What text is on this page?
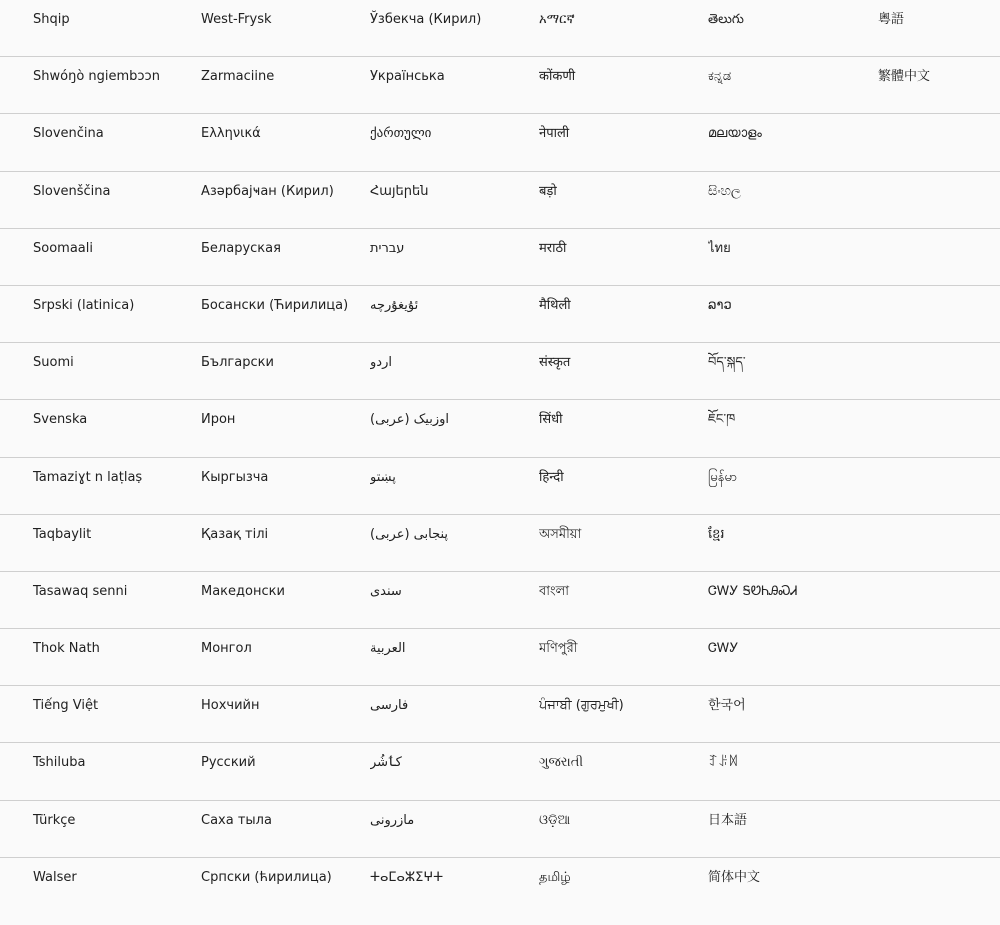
Shqip	West-Frysk	Ўзбекча (Кирил)	አማርኛ	తెలుగు	粵語
Shwóŋò ngiembɔɔn	Zarmaciine	Українська	कोंकणी	ಕನ್ನಡ	繁體中文
Slovenčina	Ελληνικά	ქართული	नेपाली	മലയാളം
Slovenščina	Азәрбајҹан (Кирил)	Հայերեն	बड़ो	සිංහල
Soomaali	Беларуская	עברית	मराठी	ไทย
Srpski (latinica)	Босански (Ћирилица)	ئۇيغۇرچە	मैथिली	ລາວ
Suomi	Български	اردو	संस्कृत	བོད་སྐད་
Svenska	Ирон	اوزبیک (عربی)	सिंधी	ཇོང་ཁ
Tamaziɣt n laṭlaṣ	Кыргызча	پښتو	हिन्दी	မြန်မာ
Taqbaylit	Қазақ тілі	پنجابی (عربی)	অসমীয়া	ខ្មែរ
Tasawaq senni	Македонски	سندی	বাংলা	ᏣᎳᎩ ᎦᏬᏂᎯᏍᏗ
Thok Nath	Монгол	العربية	মণিপুরী	ᏣᎳᎩ
Tiếng Việt	Нохчийн	فارسی	ਪੰਜਾਬੀ (ਗੁਰਮੁਖੀ)	한국어
Tshiluba	Русский	کٲشُر	ગુજરાતી	ꆈꌠꉙ
Türkçe	Саха тыла	مازرونی	ଓଡ଼ିଆ	日本語
Walser	Српски (ћирилица)	ⵜⴰⵎⴰⵣⵉⵖⵜ	தமிழ்	简体中文
